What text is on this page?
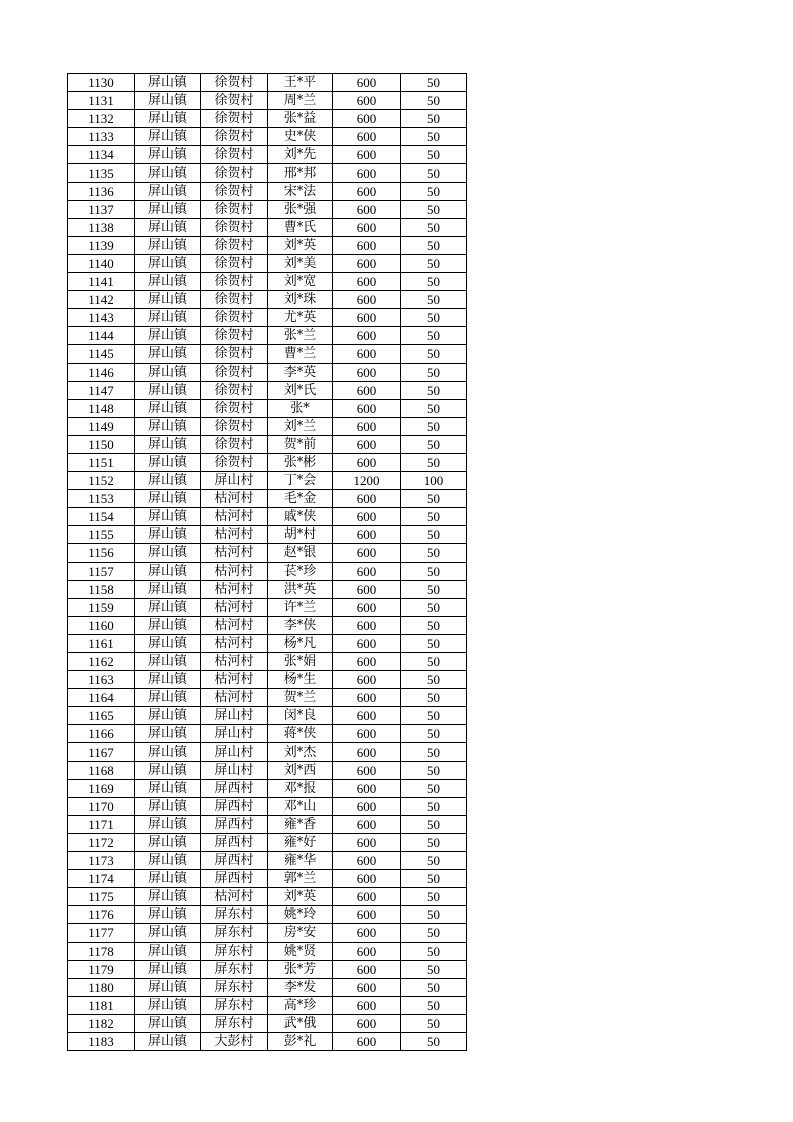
1130	屏山镇	徐贺村	王*平	600	50
1131	屏山镇	徐贺村	周*兰	600	50
1132	屏山镇	徐贺村	张*益	600	50
1133	屏山镇	徐贺村	史*侠	600	50
1134	屏山镇	徐贺村	刘*先	600	50
1135	屏山镇	徐贺村	邢*邦	600	50
1136	屏山镇	徐贺村	宋*法	600	50
1137	屏山镇	徐贺村	张*强	600	50
1138	屏山镇	徐贺村	曹*氏	600	50
1139	屏山镇	徐贺村	刘*英	600	50
1140	屏山镇	徐贺村	刘*美	600	50
1141	屏山镇	徐贺村	刘*宽	600	50
1142	屏山镇	徐贺村	刘*珠	600	50
1143	屏山镇	徐贺村	尤*英	600	50
1144	屏山镇	徐贺村	张*兰	600	50
1145	屏山镇	徐贺村	曹*兰	600	50
1146	屏山镇	徐贺村	李*英	600	50
1147	屏山镇	徐贺村	刘*氏	600	50
1148	屏山镇	徐贺村	张*	600	50
1149	屏山镇	徐贺村	刘*兰	600	50
1150	屏山镇	徐贺村	贺*前	600	50
1151	屏山镇	徐贺村	张*彬	600	50
1152	屏山镇	屏山村	丁*会	1200	100
1153	屏山镇	枯河村	毛*金	600	50
1154	屏山镇	枯河村	戚*侠	600	50
1155	屏山镇	枯河村	胡*村	600	50
1156	屏山镇	枯河村	赵*银	600	50
1157	屏山镇	枯河村	苌*珍	600	50
1158	屏山镇	枯河村	洪*英	600	50
1159	屏山镇	枯河村	许*兰	600	50
1160	屏山镇	枯河村	李*侠	600	50
1161	屏山镇	枯河村	杨*凡	600	50
1162	屏山镇	枯河村	张*娟	600	50
1163	屏山镇	枯河村	杨*生	600	50
1164	屏山镇	枯河村	贺*兰	600	50
1165	屏山镇	屏山村	闵*良	600	50
1166	屏山镇	屏山村	蒋*侠	600	50
1167	屏山镇	屏山村	刘*杰	600	50
1168	屏山镇	屏山村	刘*西	600	50
1169	屏山镇	屏西村	邓*报	600	50
1170	屏山镇	屏西村	邓*山	600	50
1171	屏山镇	屏西村	雍*香	600	50
1172	屏山镇	屏西村	雍*好	600	50
1173	屏山镇	屏西村	雍*华	600	50
1174	屏山镇	屏西村	郭*兰	600	50
1175	屏山镇	枯河村	刘*英	600	50
1176	屏山镇	屏东村	姚*玲	600	50
1177	屏山镇	屏东村	房*安	600	50
1178	屏山镇	屏东村	姚*贤	600	50
1179	屏山镇	屏东村	张*芳	600	50
1180	屏山镇	屏东村	李*发	600	50
1181	屏山镇	屏东村	高*珍	600	50
1182	屏山镇	屏东村	武*俄	600	50
1183	屏山镇	大彭村	彭*礼	600	50
